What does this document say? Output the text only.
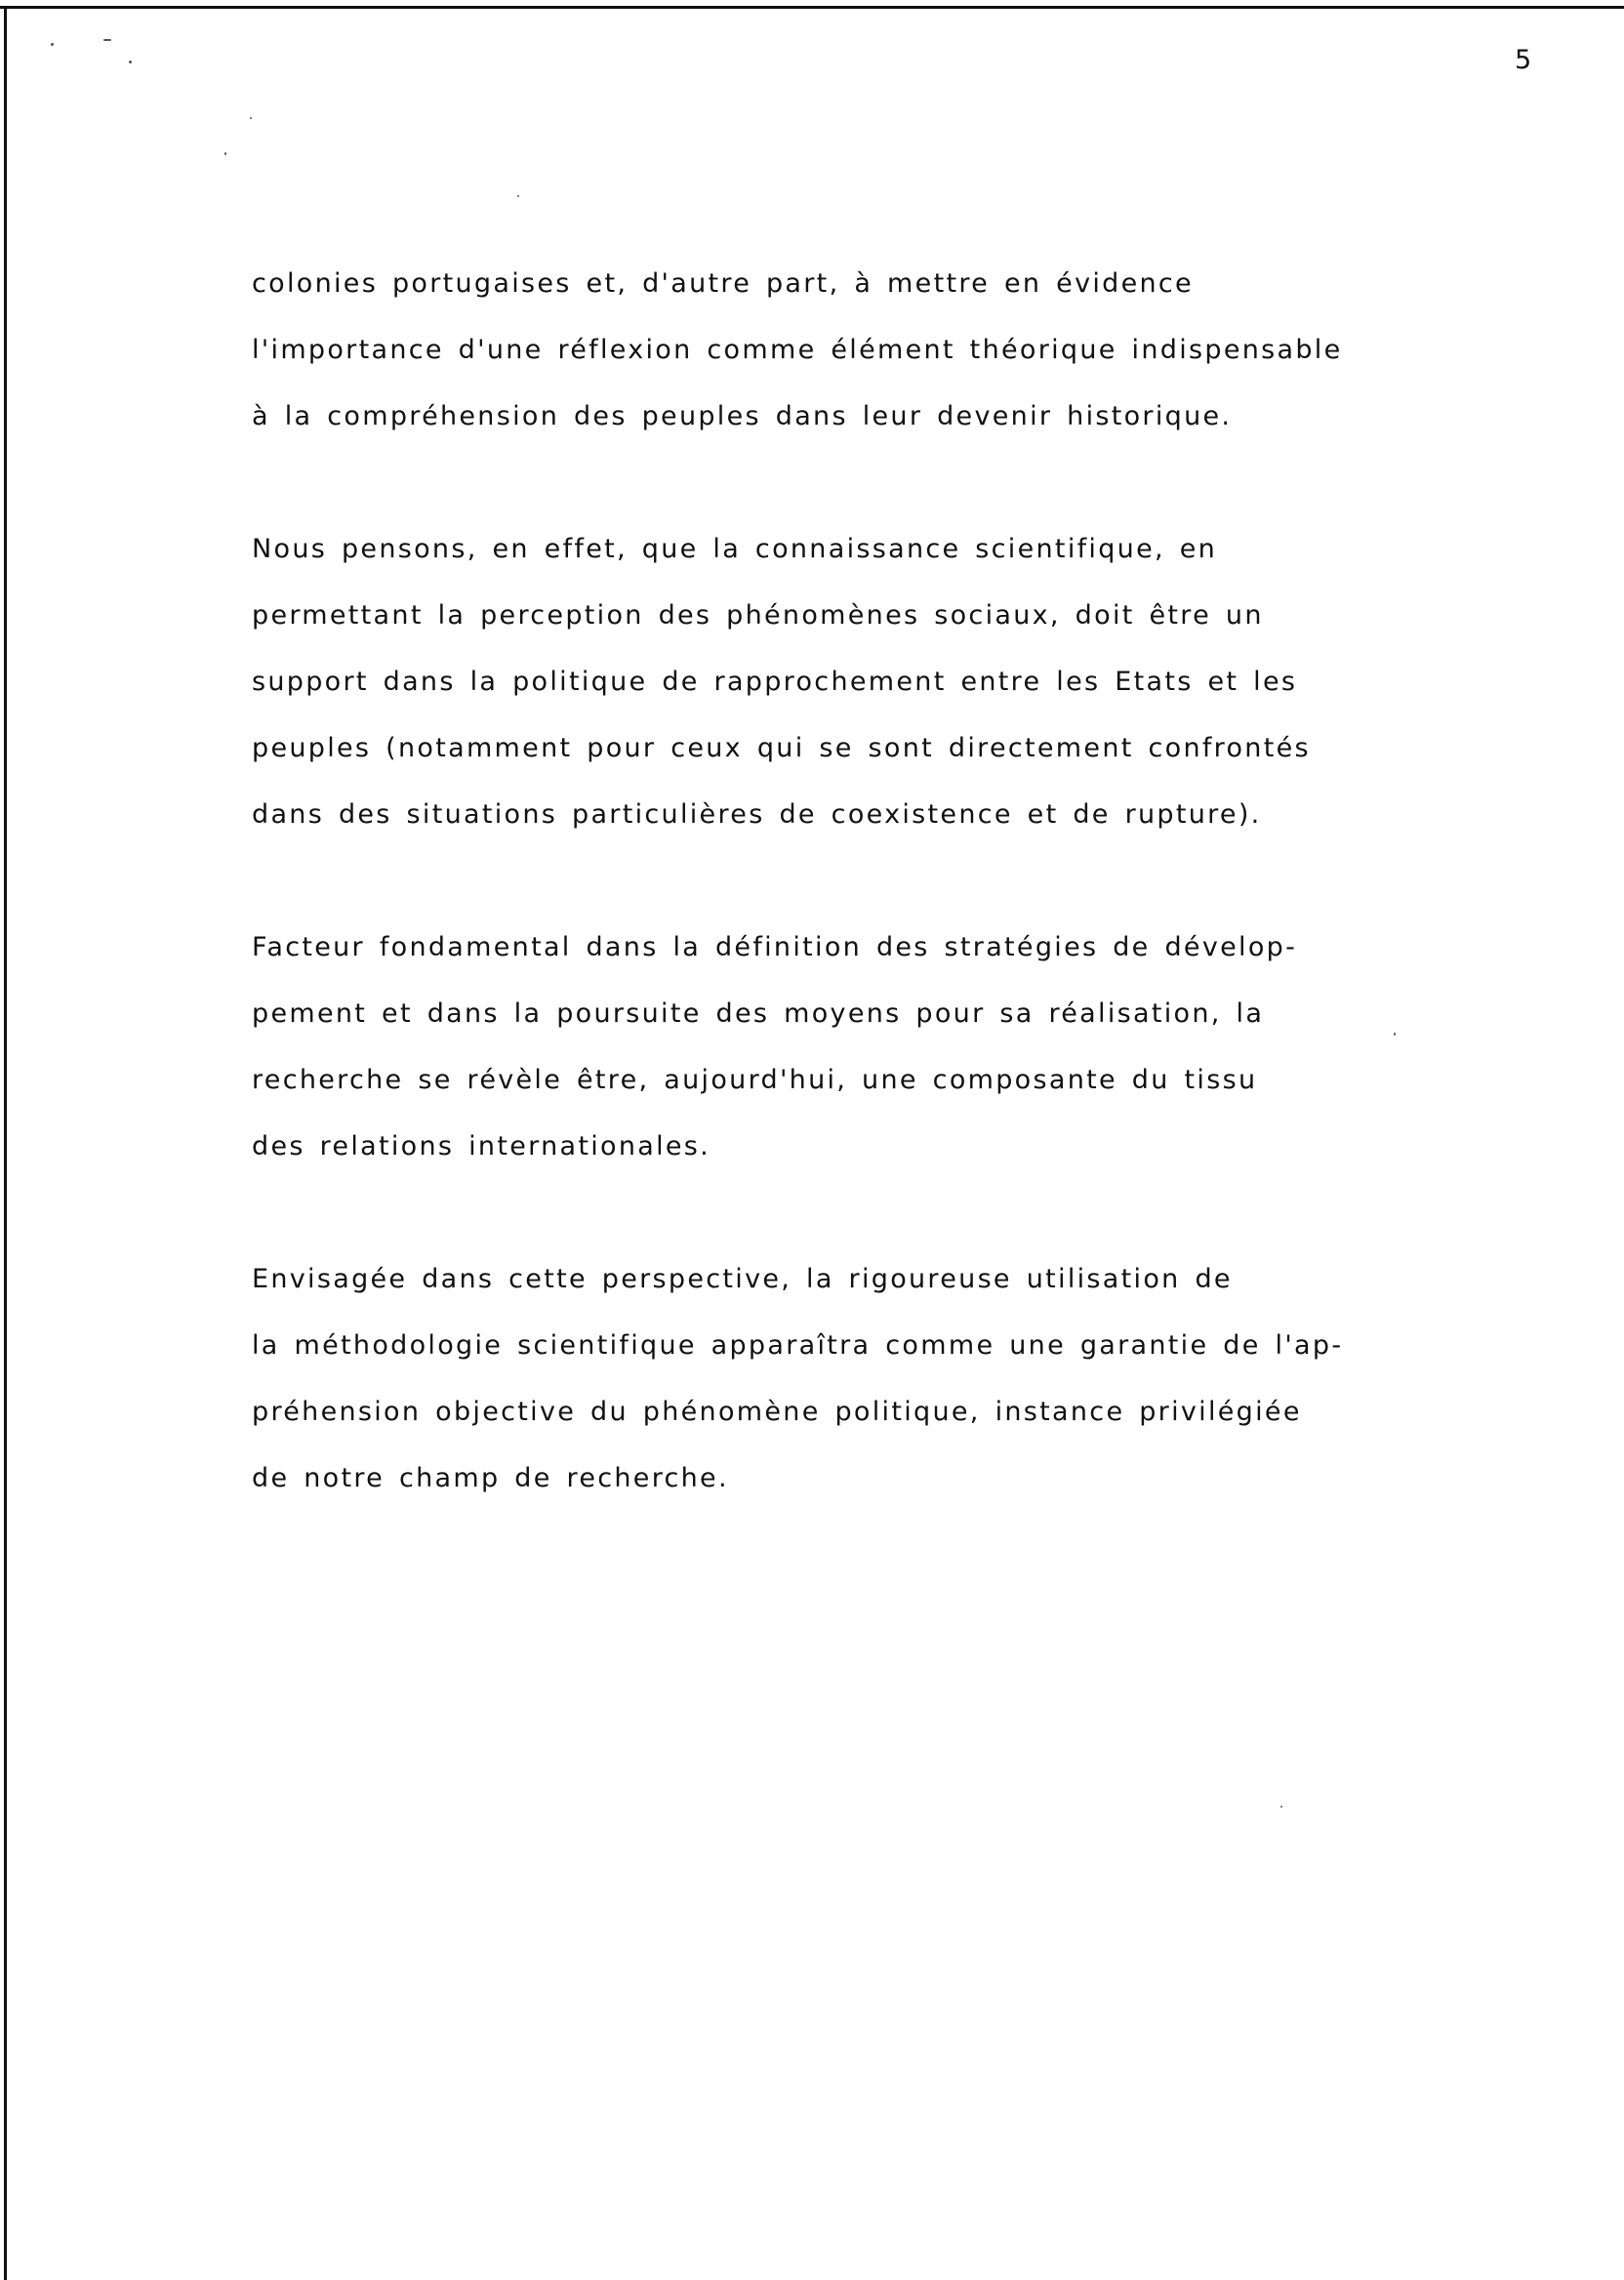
5
colonies portugaises et, d'autre part, à mettre en évidence
l'importance d'une réflexion comme élément théorique indispensable
à la compréhension des peuples dans leur devenir historique.
Nous pensons, en effet, que la connaissance scientifique, en
permettant la perception des phénomènes sociaux, doit être un
support dans la politique de rapprochement entre les Etats et les
peuples (notamment pour ceux qui se sont directement confrontés
dans des situations particulières de coexistence et de rupture).
Facteur fondamental dans la définition des stratégies de dévelop-
pement et dans la poursuite des moyens pour sa réalisation, la
recherche se révèle être, aujourd'hui, une composante du tissu
des relations internationales.
Envisagée dans cette perspective, la rigoureuse utilisation de
la méthodologie scientifique apparaîtra comme une garantie de l'ap-
préhension objective du phénomène politique, instance privilégiée
de notre champ de recherche.
